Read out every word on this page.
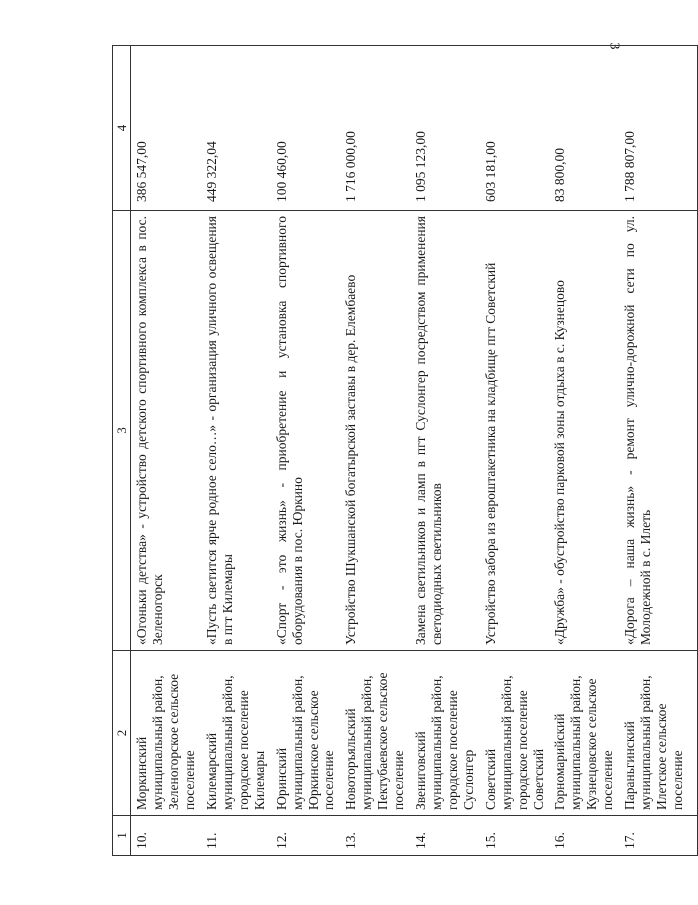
3
1	2	3	4
10.	Моркинский муниципальный район, Зеленогорское сельское поселение	«Огоньки детства» - устройство детского спортивного комплекса в пос. Зеленогорск	386 547,00
11.	Килемарский муниципальный район, городское поселение Килемары	«Пусть светится ярче родное село…» - организация уличного освещения в пгт Килемары	449 322,04
12.	Юринский муниципальный район, Юркинское сельское поселение	«Спорт - это жизнь» - приобретение и установка спортивного оборудования в пос. Юркино	100 460,00
13.	Новоторъяльский муниципальный район, Пектубаевское сельское поселение	Устройство Шукшанской богатырской заставы в дер. Елембаево	1 716 000,00
14.	Звениговский муниципальный район, городское поселение Суслонгер	Замена светильников и ламп в пгт Суслонгер посредством применения светодиодных светильников	1 095 123,00
15.	Советский муниципальный район, городское поселение Советский	Устройство забора из евроштакетника на кладбище пгт Советский	603 181,00
16.	Горномарийский муниципальный район, Кузнецовское сельское поселение	«Дружба» - обустройство парковой зоны отдыха в с. Кузнецово	83 800,00
17.	Параньгинский муниципальный район, Илетское сельское поселение	«Дорога – наша жизнь» - ремонт улично-дорожной сети по ул. Молодежной в с. Илеть	1 788 807,00
